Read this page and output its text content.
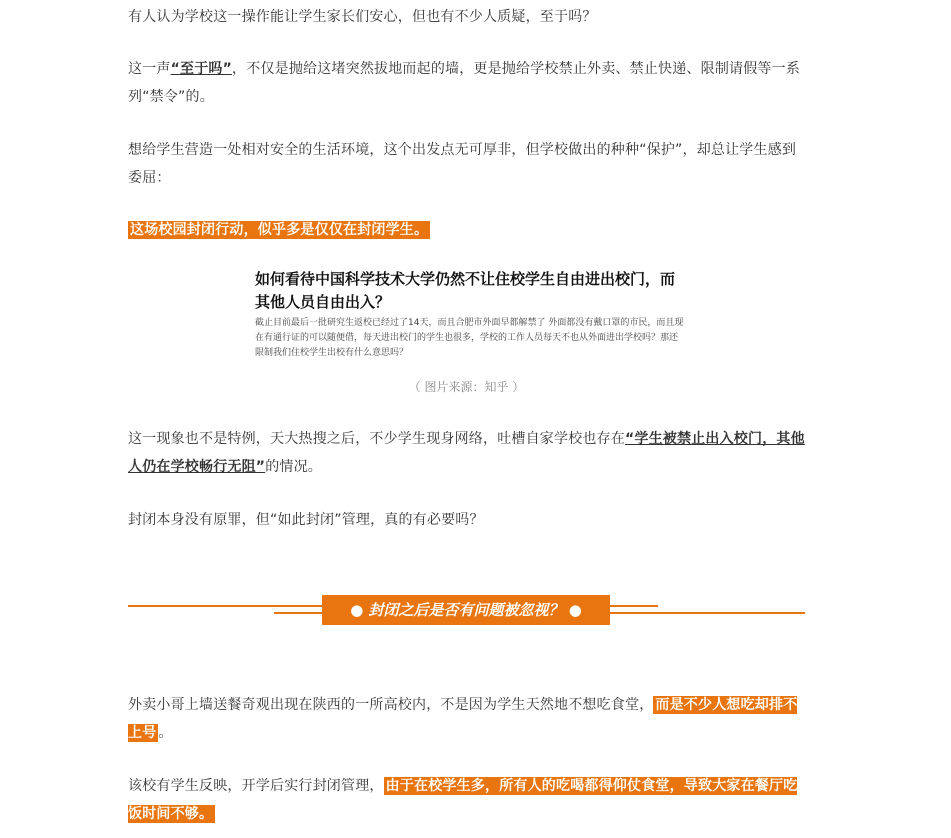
有人认为学校这一操作能让学生家长们安心，但也有不少人质疑，至于吗？

这一声“至于吗”，不仅是抛给这堵突然拔地而起的墙，更是抛给学校禁止外卖、禁止快递、限制请假等一系列“禁令”的。

想给学生营造一处相对安全的生活环境，这个出发点无可厚非，但学校做出的种种“保护”，却总让学生感到委屈：

这场校园封闭行动，似乎多是仅仅在封闭学生。

这一现象也不是特例，天大热搜之后，不少学生现身网络，吐槽自家学校也存在“学生被禁止出入校门，其他人仍在学校畅行无阻”的情况。

封闭本身没有原罪，但“如此封闭”管理，真的有必要吗？

外卖小哥上墙送餐奇观出现在陕西的一所高校内，不是因为学生天然地不想吃食堂， 而是不少人想吃却排不上号 。

该校有学生反映，开学后实行封闭管理， 由于在校学生多，所有人的吃喝都得仰仗食堂，导致大家在餐厅吃饭时间不够。

如何看待中国科学技术大学仍然不让住校学生自由进出校门，而其他人员自由出入？

截止目前最后一批研究生返校已经过了14天，而且合肥市外面早都解禁了 外面都没有戴口罩的市民，而且现在有通行证的可以随便借，每天进出校门的学生也很多，学校的工作人员每天不也从外面进出学校吗？那还限制我们住校学生出校有什么意思吗？

（ 图片来源：知乎 ）

● 封闭之后是否有问题被忽视？ ●
